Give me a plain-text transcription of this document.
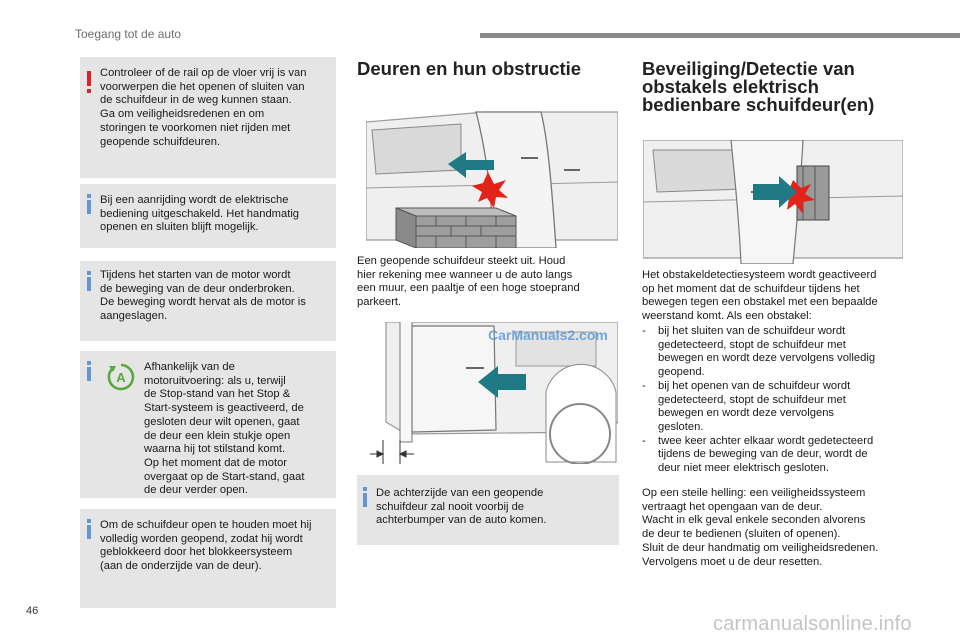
Toegang tot de auto

Controleer of de rail op de vloer vrij is van
voorwerpen die het openen of sluiten van
de schuifdeur in de weg kunnen staan.
Ga om veiligheidsredenen en om
storingen te voorkomen niet rijden met
geopende schuifdeuren.

Bij een aanrijding wordt de elektrische
bediening uitgeschakeld. Het handmatig
openen en sluiten blijft mogelijk.

Tijdens het starten van de motor wordt
de beweging van de deur onderbroken.
De beweging wordt hervat als de motor is
aangeslagen.

A

Afhankelijk van de
motoruitvoering: als u, terwijl
de Stop-stand van het Stop &
Start-systeem is geactiveerd, de
gesloten deur wilt openen, gaat
de deur een klein stukje open
waarna hij tot stilstand komt.
Op het moment dat de motor
overgaat op de Start-stand, gaat
de deur verder open.

Om de schuifdeur open te houden moet hij
volledig worden geopend, zodat hij wordt
geblokkeerd door het blokkeersysteem
(aan de onderzijde van de deur).

Deuren en hun obstructie

Een geopende schuifdeur steekt uit. Houd
hier rekening mee wanneer u de auto langs
een muur, een paaltje of een hoge stoeprand
parkeert.

CarManuals2.com

De achterzijde van een geopende
schuifdeur zal nooit voorbij de
achterbumper van de auto komen.

Beveiliging/Detectie van
obstakels elektrisch
bedienbare schuifdeur(en)

Het obstakeldetectiesysteem wordt geactiveerd
op het moment dat de schuifdeur tijdens het
bewegen tegen een obstakel met een bepaalde
weerstand komt. Als een obstakel:

-	bij het sluiten van de schuifdeur wordt
gedetecteerd, stopt de schuifdeur met
bewegen en wordt deze vervolgens volledig
geopend.
-	bij het openen van de schuifdeur wordt
gedetecteerd, stopt de schuifdeur met
bewegen en wordt deze vervolgens
gesloten.
-	twee keer achter elkaar wordt gedetecteerd
tijdens de beweging van de deur, wordt de
deur niet meer elektrisch gesloten.

Op een steile helling: een veiligheidssysteem
vertraagt het opengaan van de deur.
Wacht in elk geval enkele seconden alvorens
de deur te bedienen (sluiten of openen).
Sluit de deur handmatig om veiligheidsredenen.
Vervolgens moet u de deur resetten.

46
carmanualsonline.info
